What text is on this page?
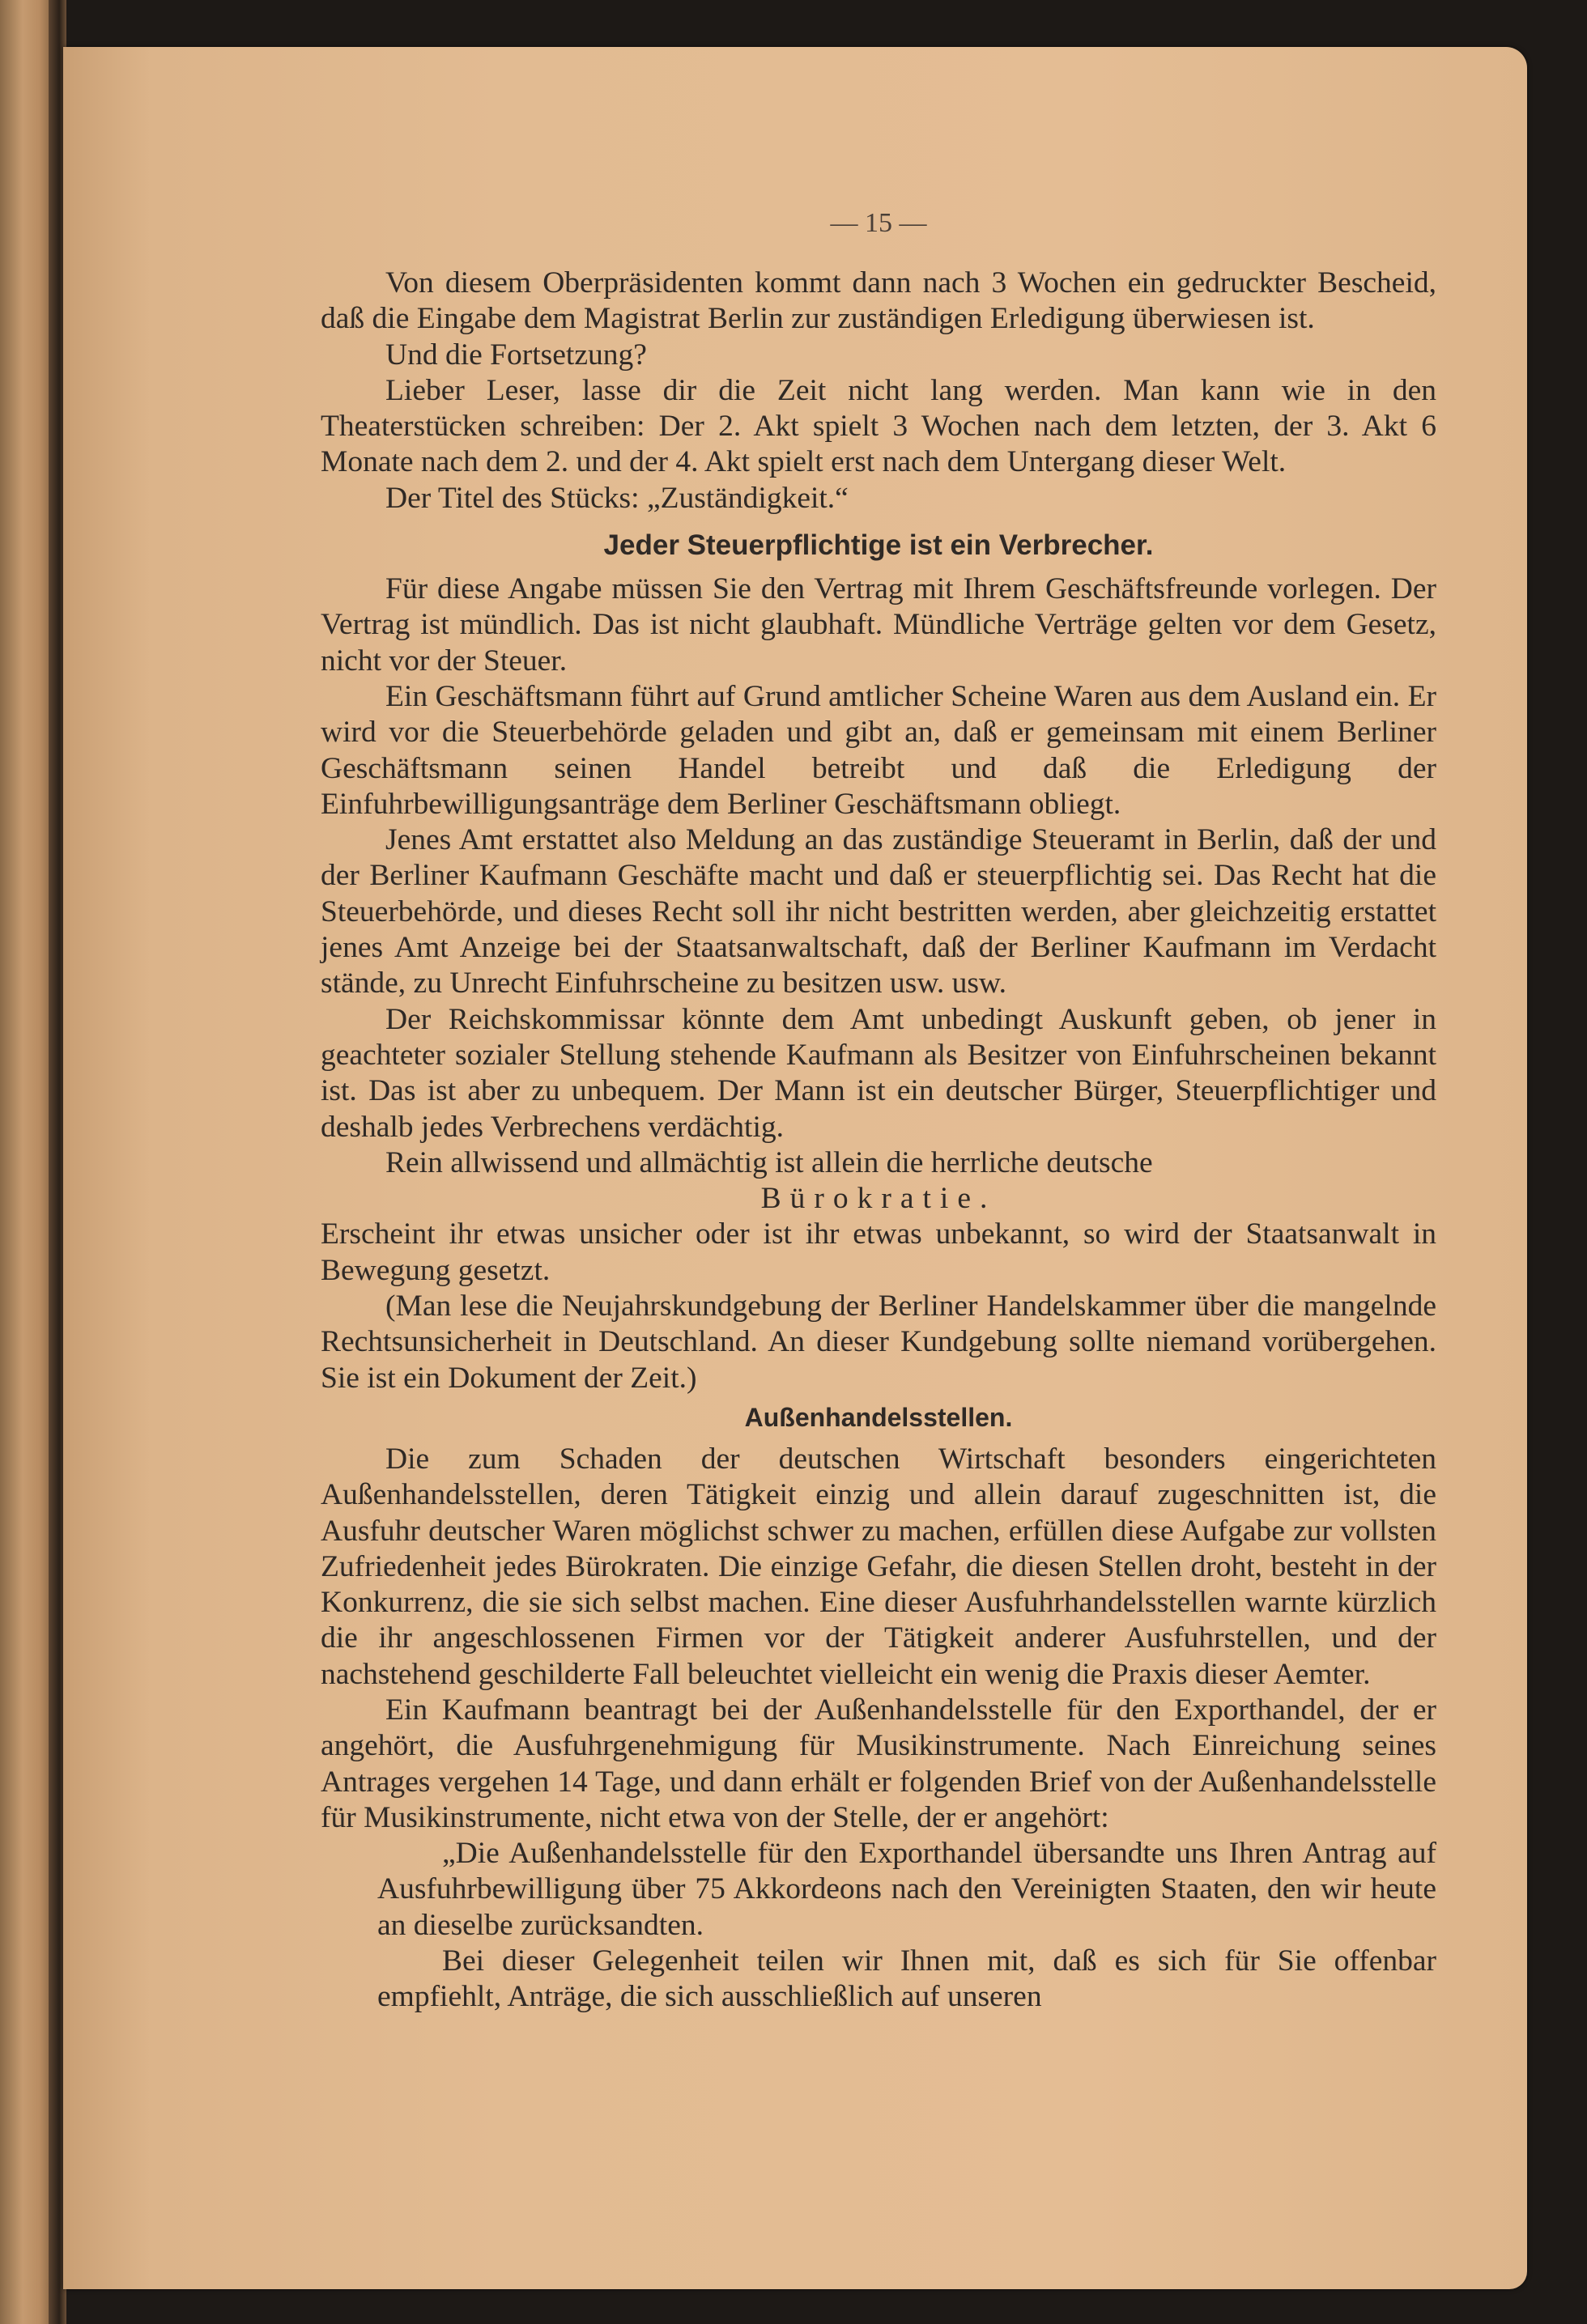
— 15 —

Von diesem Oberpräsidenten kommt dann nach 3 Wochen ein gedruckter Bescheid, daß die Eingabe dem Magistrat Berlin zur zuständigen Erledigung überwiesen ist.

Und die Fortsetzung?

Lieber Leser, lasse dir die Zeit nicht lang werden. Man kann wie in den Theaterstücken schreiben: Der 2. Akt spielt 3 Wochen nach dem letzten, der 3. Akt 6 Monate nach dem 2. und der 4. Akt spielt erst nach dem Untergang dieser Welt.

Der Titel des Stücks: „Zuständigkeit.“

Jeder Steuerpflichtige ist ein Verbrecher.

Für diese Angabe müssen Sie den Vertrag mit Ihrem Geschäftsfreunde vorlegen. Der Vertrag ist mündlich. Das ist nicht glaubhaft. Mündliche Verträge gelten vor dem Gesetz, nicht vor der Steuer.

Ein Geschäftsmann führt auf Grund amtlicher Scheine Waren aus dem Ausland ein. Er wird vor die Steuerbehörde geladen und gibt an, daß er gemeinsam mit einem Berliner Geschäftsmann seinen Handel betreibt und daß die Erledigung der Einfuhrbewilligungsanträge dem Berliner Geschäftsmann obliegt.

Jenes Amt erstattet also Meldung an das zuständige Steueramt in Berlin, daß der und der Berliner Kaufmann Geschäfte macht und daß er steuerpflichtig sei. Das Recht hat die Steuerbehörde, und dieses Recht soll ihr nicht bestritten werden, aber gleichzeitig erstattet jenes Amt Anzeige bei der Staatsanwaltschaft, daß der Berliner Kaufmann im Verdacht stände, zu Unrecht Einfuhrscheine zu besitzen usw. usw.

Der Reichskommissar könnte dem Amt unbedingt Auskunft geben, ob jener in geachteter sozialer Stellung stehende Kaufmann als Besitzer von Einfuhrscheinen bekannt ist. Das ist aber zu unbequem. Der Mann ist ein deutscher Bürger, Steuerpflichtiger und deshalb jedes Verbrechens verdächtig.

Rein allwissend und allmächtig ist allein die herrliche deutsche

Bürokratie.

Erscheint ihr etwas unsicher oder ist ihr etwas unbekannt, so wird der Staatsanwalt in Bewegung gesetzt.

(Man lese die Neujahrskundgebung der Berliner Handelskammer über die mangelnde Rechtsunsicherheit in Deutschland. An dieser Kundgebung sollte niemand vorübergehen. Sie ist ein Dokument der Zeit.)

Außenhandelsstellen.

Die zum Schaden der deutschen Wirtschaft besonders eingerichteten Außenhandelsstellen, deren Tätigkeit einzig und allein darauf zugeschnitten ist, die Ausfuhr deutscher Waren möglichst schwer zu machen, erfüllen diese Aufgabe zur vollsten Zufriedenheit jedes Bürokraten. Die einzige Gefahr, die diesen Stellen droht, besteht in der Konkurrenz, die sie sich selbst machen. Eine dieser Ausfuhrhandelsstellen warnte kürzlich die ihr angeschlossenen Firmen vor der Tätigkeit anderer Ausfuhrstellen, und der nachstehend geschilderte Fall beleuchtet vielleicht ein wenig die Praxis dieser Aemter.

Ein Kaufmann beantragt bei der Außenhandelsstelle für den Exporthandel, der er angehört, die Ausfuhrgenehmigung für Musikinstrumente. Nach Einreichung seines Antrages vergehen 14 Tage, und dann erhält er folgenden Brief von der Außenhandelsstelle für Musikinstrumente, nicht etwa von der Stelle, der er angehört:

„Die Außenhandelsstelle für den Exporthandel übersandte uns Ihren Antrag auf Ausfuhrbewilligung über 75 Akkordeons nach den Vereinigten Staaten, den wir heute an dieselbe zurücksandten.

Bei dieser Gelegenheit teilen wir Ihnen mit, daß es sich für Sie offenbar empfiehlt, Anträge, die sich ausschließlich auf unseren
